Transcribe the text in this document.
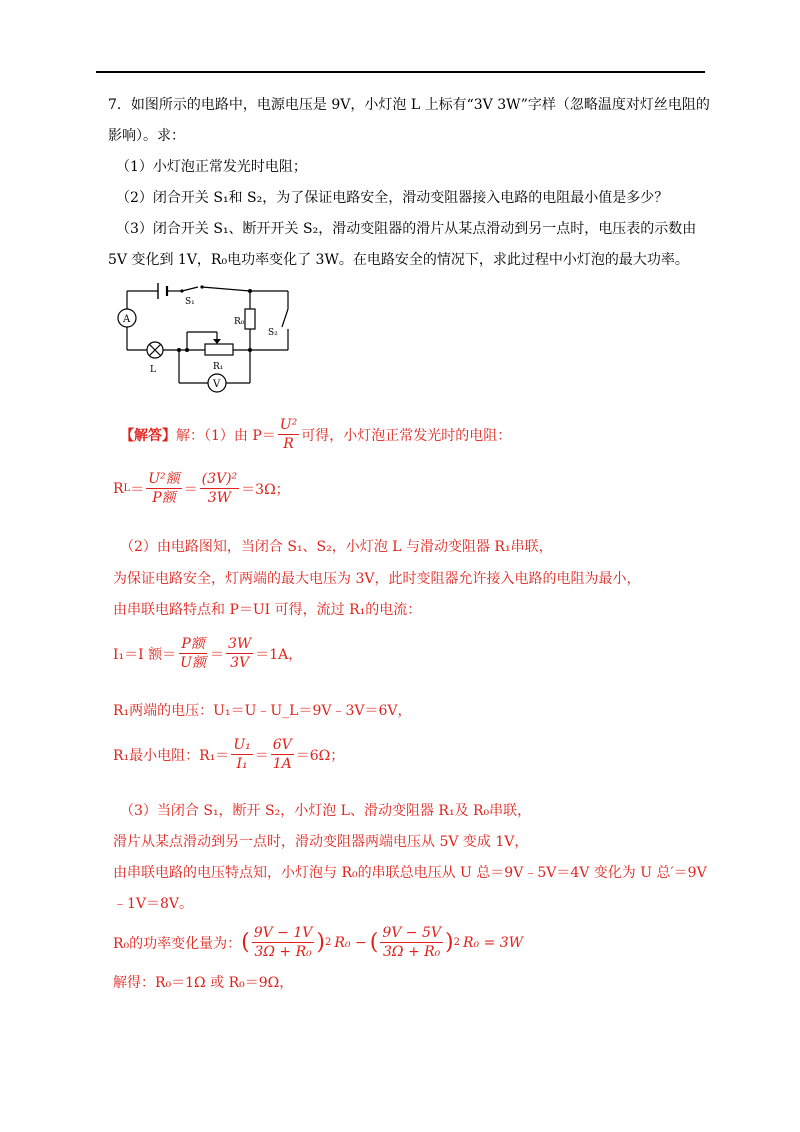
7．如图所示的电路中，电源电压是 9V，小灯泡 L 上标有“3V 3W”字样（忽略温度对灯丝电阻的
影响）。求：
（1）小灯泡正常发光时电阻；
（2）闭合开关 S₁和 S₂，为了保证电路安全，滑动变阻器接入电路的电阻最小值是多少？
（3）闭合开关 S₁、断开开关 S₂，滑动变阻器的滑片从某点滑动到另一点时，电压表的示数由
5V 变化到 1V，R₀电功率变化了 3W。在电路安全的情况下，求此过程中小灯泡的最大功率。
S₁
R₀
S₂
R₁
L
A
V
【解答】 解：（1）由 $P= \frac{\text{U²}}{R}$ 可得，小灯泡正常发光时的电阻：
R $L = \frac{\text{U²额}}{\text{P额}} = \frac{\text{(3V)²}}{3W} =3\Omega$；
（2）由电路图知，当闭合 S₁、S₂，小灯泡 L 与滑动变阻器 R₁串联，
为保证电路安全，灯两端的最大电压为 3V，此时变阻器允许接入电路的电阻为最小，
由串联电路特点和 P＝UI 可得，流过 R₁的电流：
I₁＝I 额＝ $\frac{\text{P额}}{\text{U额}} = \frac{3W}{3V} =1A$，
R₁两端的电压：U₁＝U﹣U_L＝9V﹣3V＝6V，
R₁最小电阻：$R_1= \frac{\text{U₁}}{\text{I₁}} = \frac{6V}{1A} =6\Omega$；
（3）当闭合 S₁，断开 S₂，小灯泡 L、滑动变阻器 R₁及 R₀串联，
滑片从某点滑动到另一点时，滑动变阻器两端电压从 5V 变成 1V，
由串联电路的电压特点知，小灯泡与 R₀的串联总电压从 U 总＝9V﹣5V＝4V 变化为 U 总′＝9V
﹣1V＝8V。
R₀的功率变化量为： ( $\frac{9V - 1V}{\text{3Ω + R₀}}$ ) 2 R₀ − ( $\frac{9V - 5V}{\text{3Ω + R₀}}$ ) 2 R₀ = 3W
解得：R₀＝1Ω 或 R₀＝9Ω，
